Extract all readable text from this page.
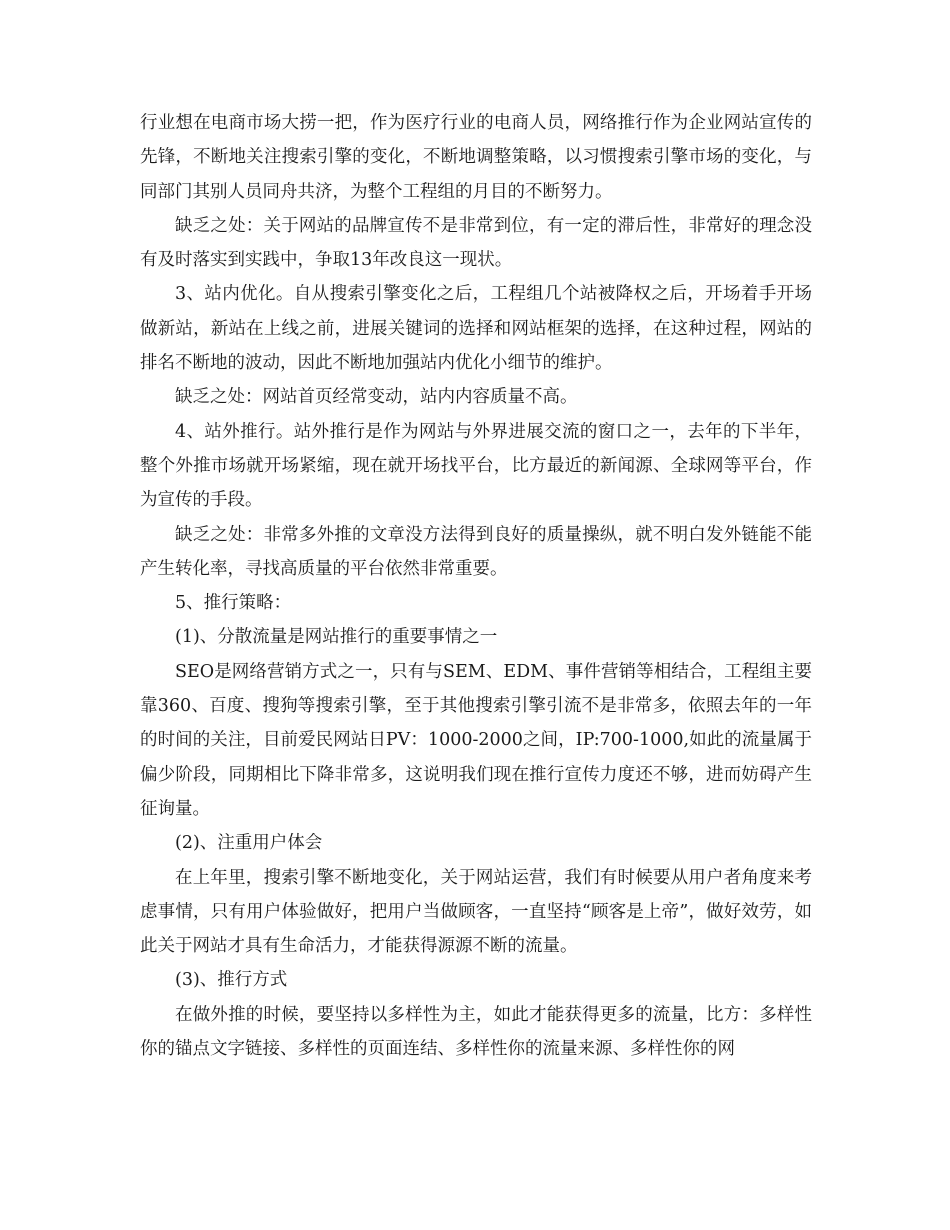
行业想在电商市场大捞一把，作为医疗行业的电商人员，网络推行作为企业网站宣传的先锋，不断地关注搜索引擎的变化，不断地调整策略，以习惯搜索引擎市场的变化，与同部门其别人员同舟共济，为整个工程组的月目的不断努力。

缺乏之处：关于网站的品牌宣传不是非常到位，有一定的滞后性，非常好的理念没有及时落实到实践中，争取13年改良这一现状。

3、站内优化。自从搜索引擎变化之后，工程组几个站被降权之后，开场着手开场做新站，新站在上线之前，进展关键词的选择和网站框架的选择，在这种过程，网站的排名不断地的波动，因此不断地加强站内优化小细节的维护。

缺乏之处：网站首页经常变动，站内内容质量不高。

4、站外推行。站外推行是作为网站与外界进展交流的窗口之一，去年的下半年，整个外推市场就开场紧缩，现在就开场找平台，比方最近的新闻源、全球网等平台，作为宣传的手段。

缺乏之处：非常多外推的文章没方法得到良好的质量操纵，就不明白发外链能不能产生转化率，寻找高质量的平台依然非常重要。

5、推行策略：

(1)、分散流量是网站推行的重要事情之一

SEO是网络营销方式之一，只有与SEM、EDM、事件营销等相结合，工程组主要靠360、百度、搜狗等搜索引擎，至于其他搜索引擎引流不是非常多，依照去年的一年的时间的关注，目前爱民网站日PV：1000-2000之间，IP:700-1000,如此的流量属于偏少阶段，同期相比下降非常多，这说明我们现在推行宣传力度还不够，进而妨碍产生征询量。

(2)、注重用户体会

在上年里，搜索引擎不断地变化，关于网站运营，我们有时候要从用户者角度来考虑事情，只有用户体验做好，把用户当做顾客，一直坚持“顾客是上帝”，做好效劳，如此关于网站才具有生命活力，才能获得源源不断的流量。

(3)、推行方式

在做外推的时候，要坚持以多样性为主，如此才能获得更多的流量，比方：多样性你的锚点文字链接、多样性的页面连结、多样性你的流量来源、多样性你的网
